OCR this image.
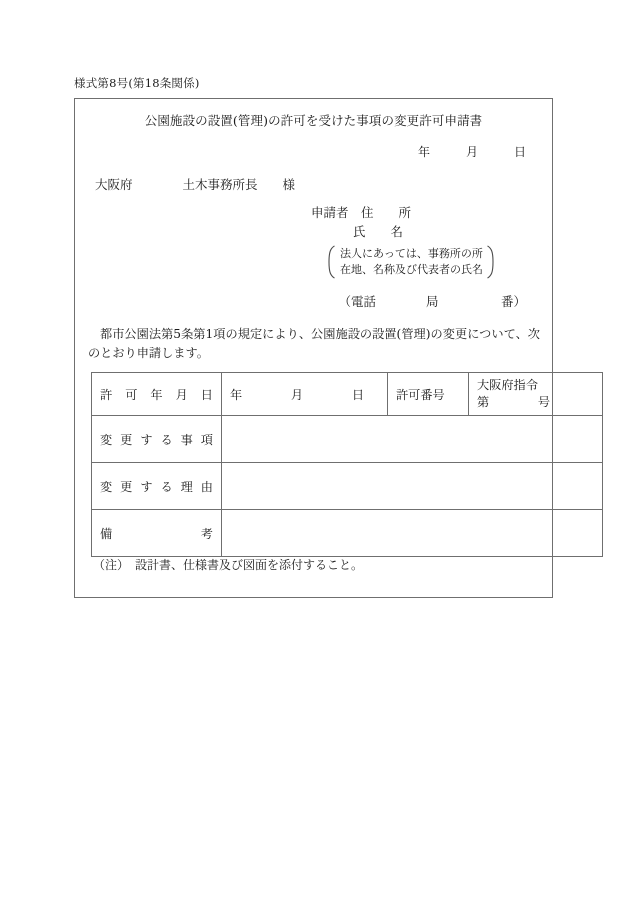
様式第8号(第18条関係)
公園施設の設置(管理)の許可を受けた事項の変更許可申請書
年　　　月　　　日
大阪府　　　　土木事務所長　　様
申請者　住　　所
氏　　名
法人にあっては、事務所の所
在地、名称及び代表者の氏名
（電話　　　　局　　　　　番）
都市公園法第5条第1項の規定により、公園施設の設置(管理)の変更について、次のとおり申請します。
許可年月日	年　　　　月　　　　日	許可番号	大阪府指令
第　　　　号

変更する事項			

変更する理由			

備考			

（注）　設計書、仕様書及び図面を添付すること。
